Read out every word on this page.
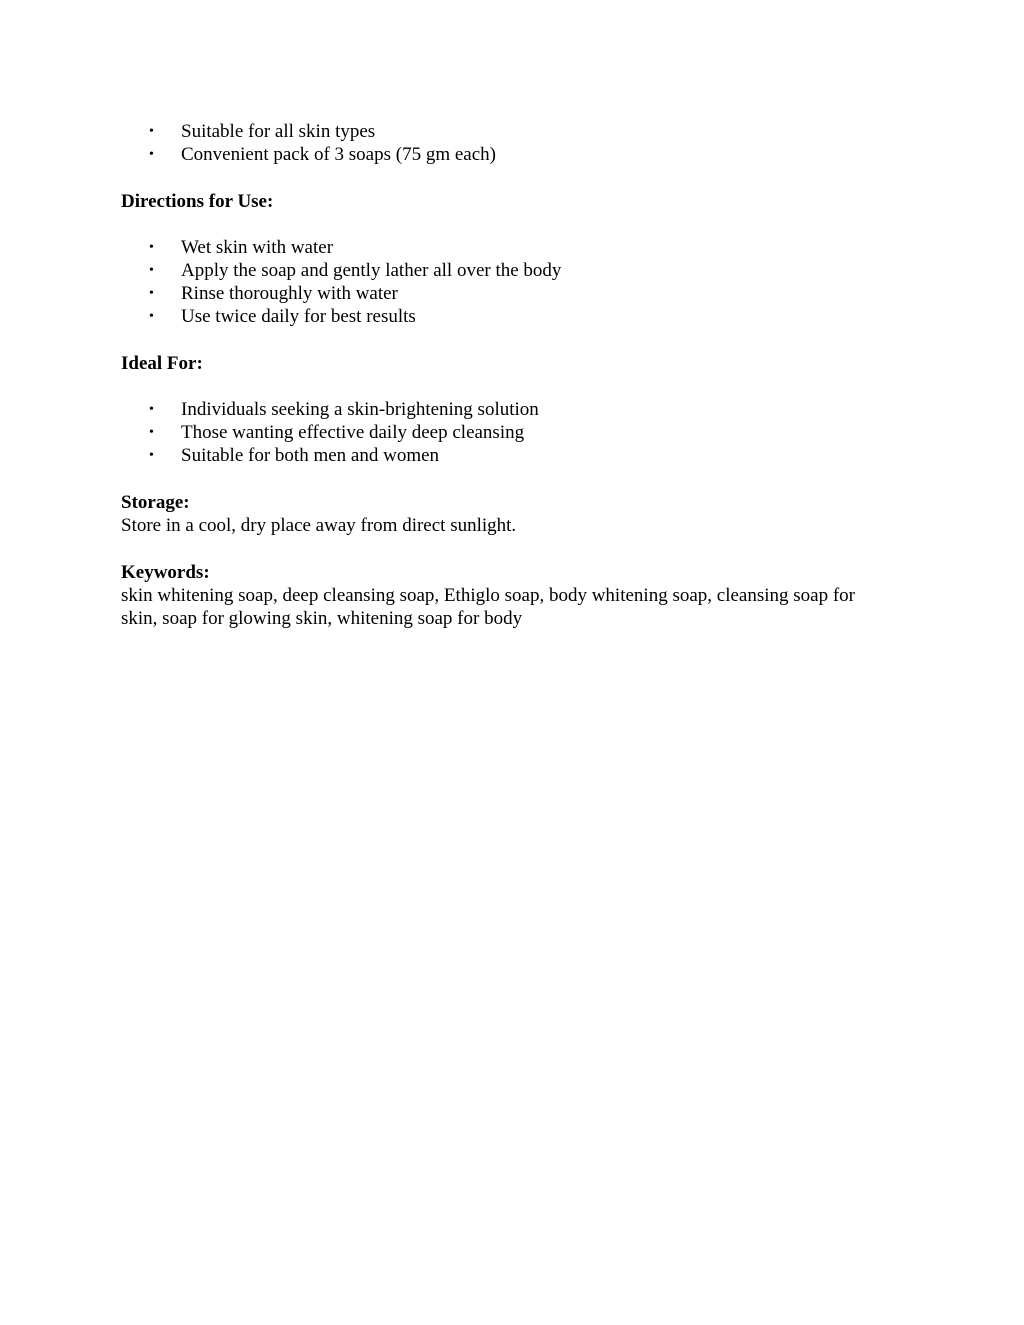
• Suitable for all skin types
• Convenient pack of 3 soaps (75 gm each)

Directions for Use:

• Wet skin with water
• Apply the soap and gently lather all over the body
• Rinse thoroughly with water
• Use twice daily for best results

Ideal For:

• Individuals seeking a skin-brightening solution
• Those wanting effective daily deep cleansing
• Suitable for both men and women

Storage:

Store in a cool, dry place away from direct sunlight.

Keywords:

skin whitening soap, deep cleansing soap, Ethiglo soap, body whitening soap, cleansing soap for

skin, soap for glowing skin, whitening soap for body
